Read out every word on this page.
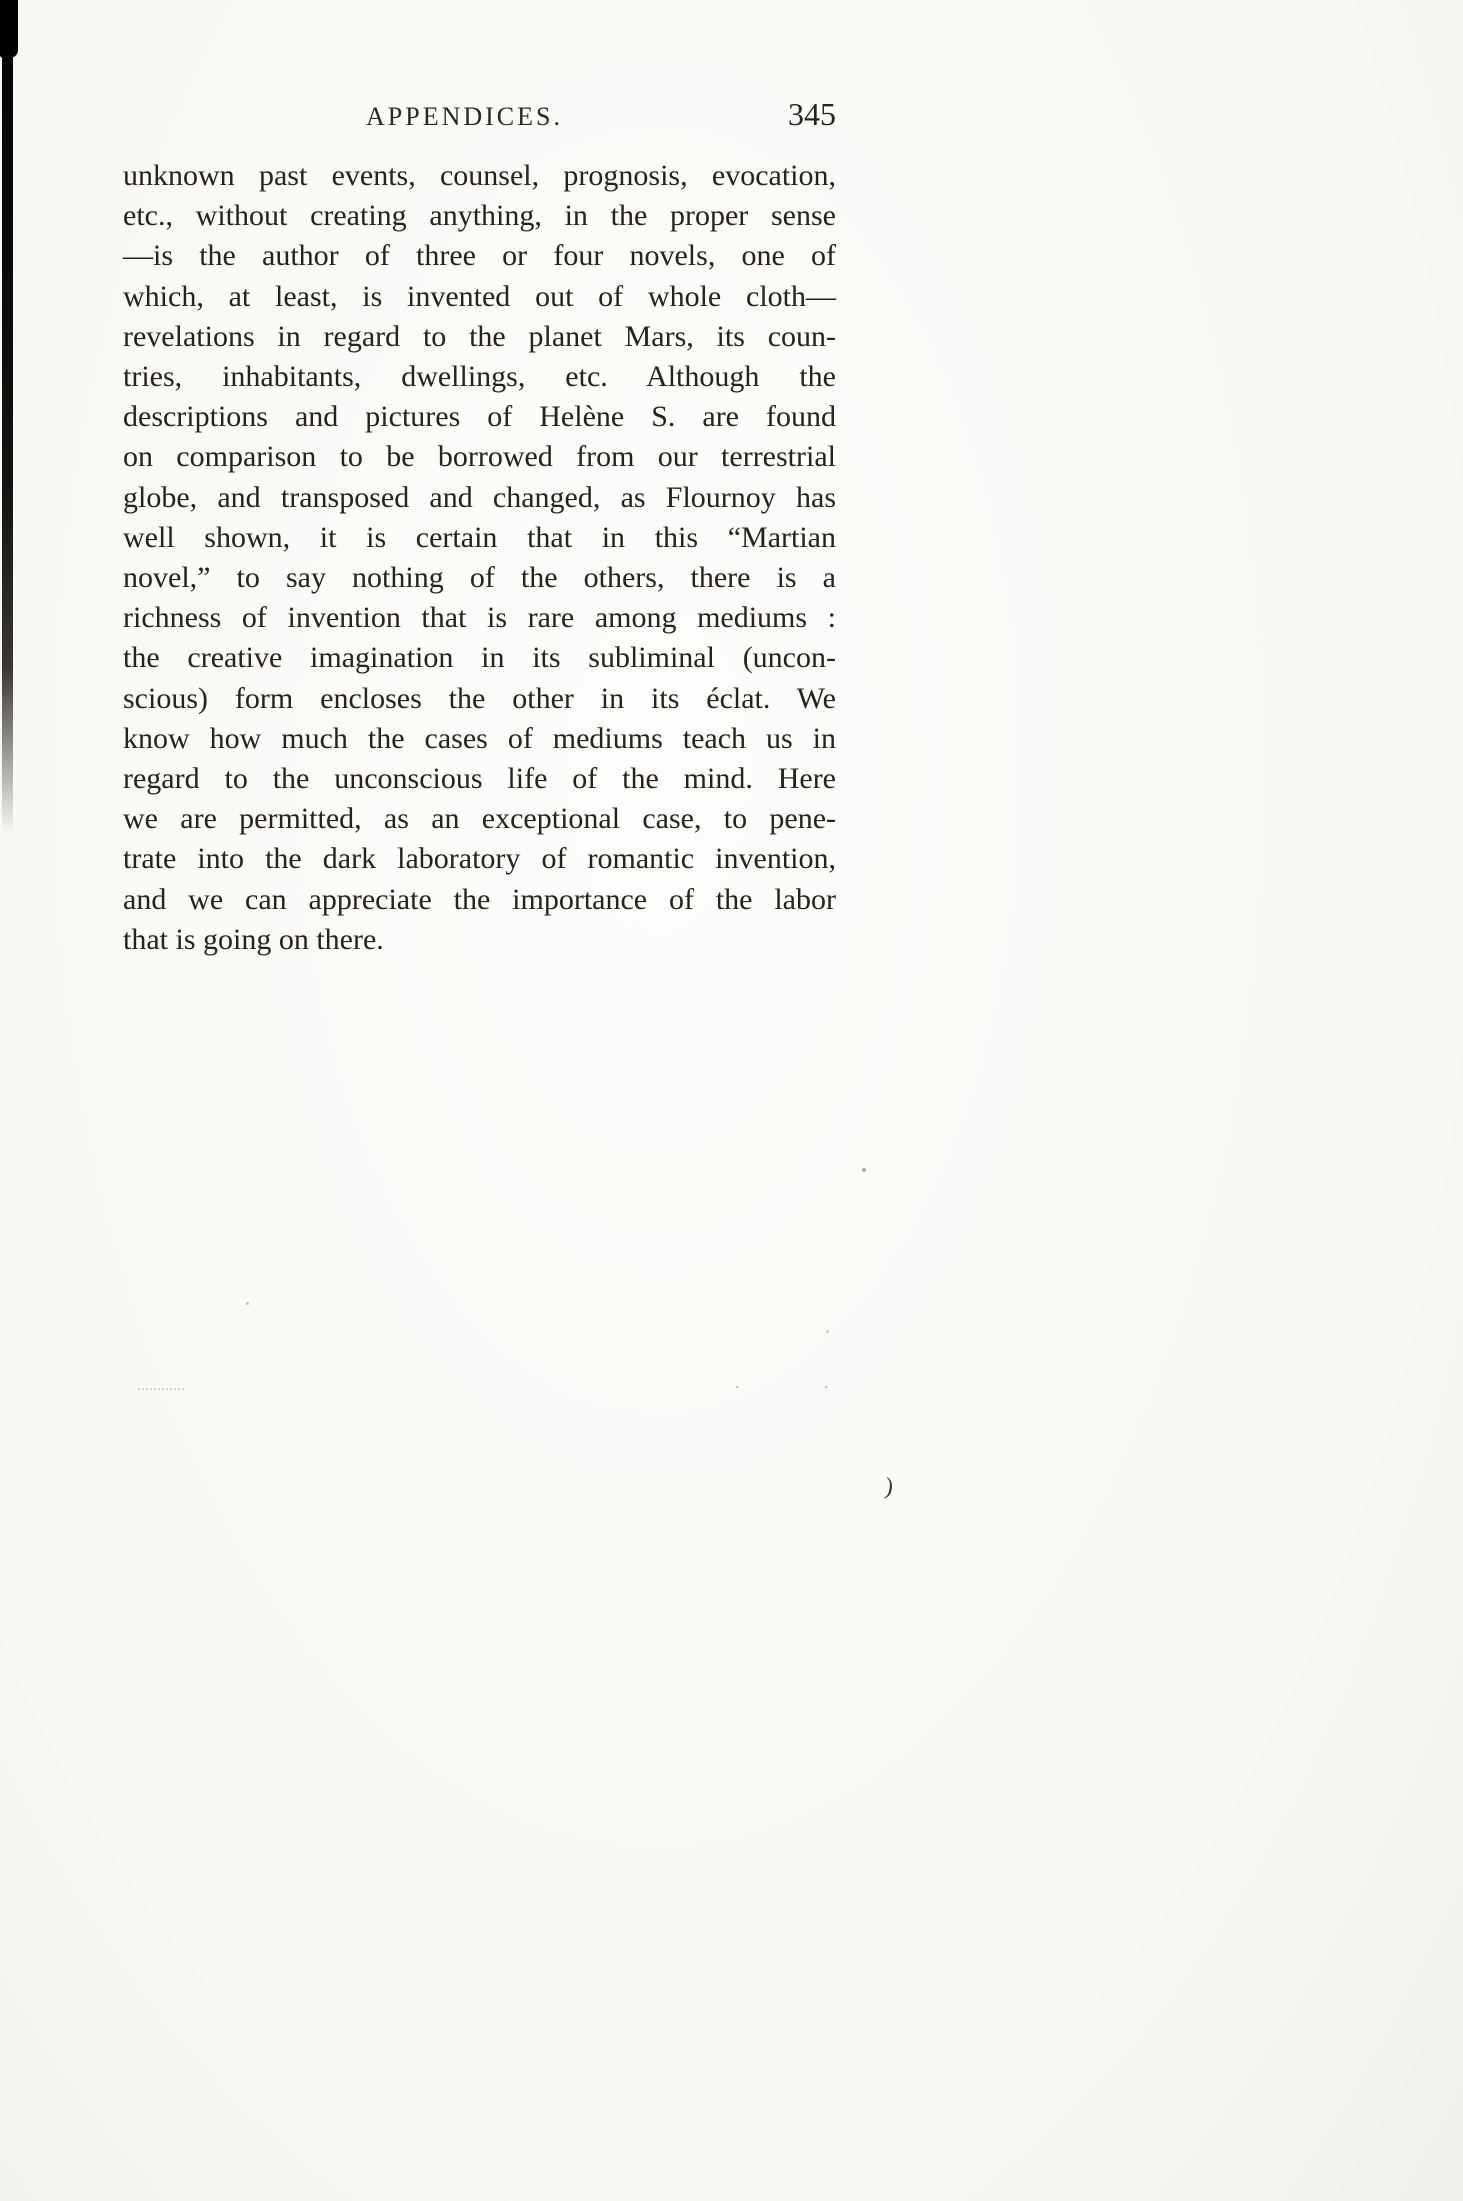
APPENDICES.	345
unknown past events, counsel, prognosis, evocation,
etc., without creating anything, in the proper sense
—is the author of three or four novels, one of
which, at least, is invented out of whole cloth—
revelations in regard to the planet Mars, its coun-
tries, inhabitants, dwellings, etc. Although the
descriptions and pictures of Helène S. are found
on comparison to be borrowed from our terrestrial
globe, and transposed and changed, as Flournoy has
well shown, it is certain that in this “Martian
novel,” to say nothing of the others, there is a
richness of invention that is rare among mediums :
the creative imagination in its subliminal (uncon-
scious) form encloses the other in its éclat. We
know how much the cases of mediums teach us in
regard to the unconscious life of the mind. Here
we are permitted, as an exceptional case, to pene-
trate into the dark laboratory of romantic invention,
and we can appreciate the importance of the labor
that is going on there.
)
. .
